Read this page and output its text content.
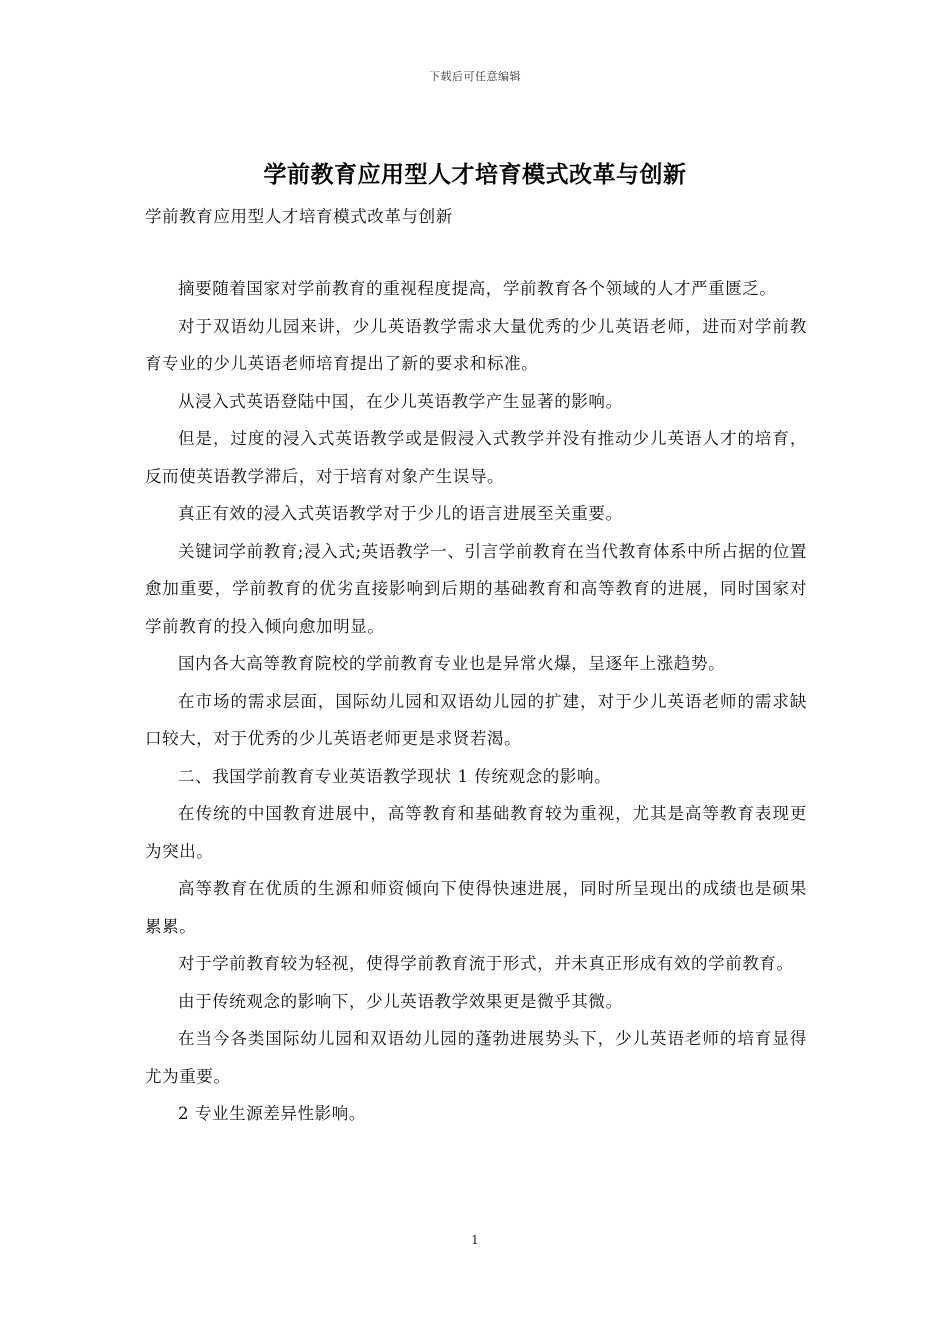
下载后可任意编辑
学前教育应用型人才培育模式改革与创新
学前教育应用型人才培育模式改革与创新

摘要随着国家对学前教育的重视程度提高，学前教育各个领域的人才严重匮乏。

对于双语幼儿园来讲，少儿英语教学需求大量优秀的少儿英语老师，进而对学前教育专业的少儿英语老师培育提出了新的要求和标准。

从浸入式英语登陆中国，在少儿英语教学产生显著的影响。

但是，过度的浸入式英语教学或是假浸入式教学并没有推动少儿英语人才的培育，反而使英语教学滞后，对于培育对象产生误导。

真正有效的浸入式英语教学对于少儿的语言进展至关重要。

关键词学前教育;浸入式;英语教学一、引言学前教育在当代教育体系中所占据的位置愈加重要，学前教育的优劣直接影响到后期的基础教育和高等教育的进展，同时国家对学前教育的投入倾向愈加明显。

国内各大高等教育院校的学前教育专业也是异常火爆，呈逐年上涨趋势。

在市场的需求层面，国际幼儿园和双语幼儿园的扩建，对于少儿英语老师的需求缺口较大，对于优秀的少儿英语老师更是求贤若渴。

二、我国学前教育专业英语教学现状 1 传统观念的影响。

在传统的中国教育进展中，高等教育和基础教育较为重视，尤其是高等教育表现更为突出。

高等教育在优质的生源和师资倾向下使得快速进展，同时所呈现出的成绩也是硕果累累。

对于学前教育较为轻视，使得学前教育流于形式，并未真正形成有效的学前教育。

由于传统观念的影响下，少儿英语教学效果更是微乎其微。

在当今各类国际幼儿园和双语幼儿园的蓬勃进展势头下，少儿英语老师的培育显得尤为重要。

2 专业生源差异性影响。

1
